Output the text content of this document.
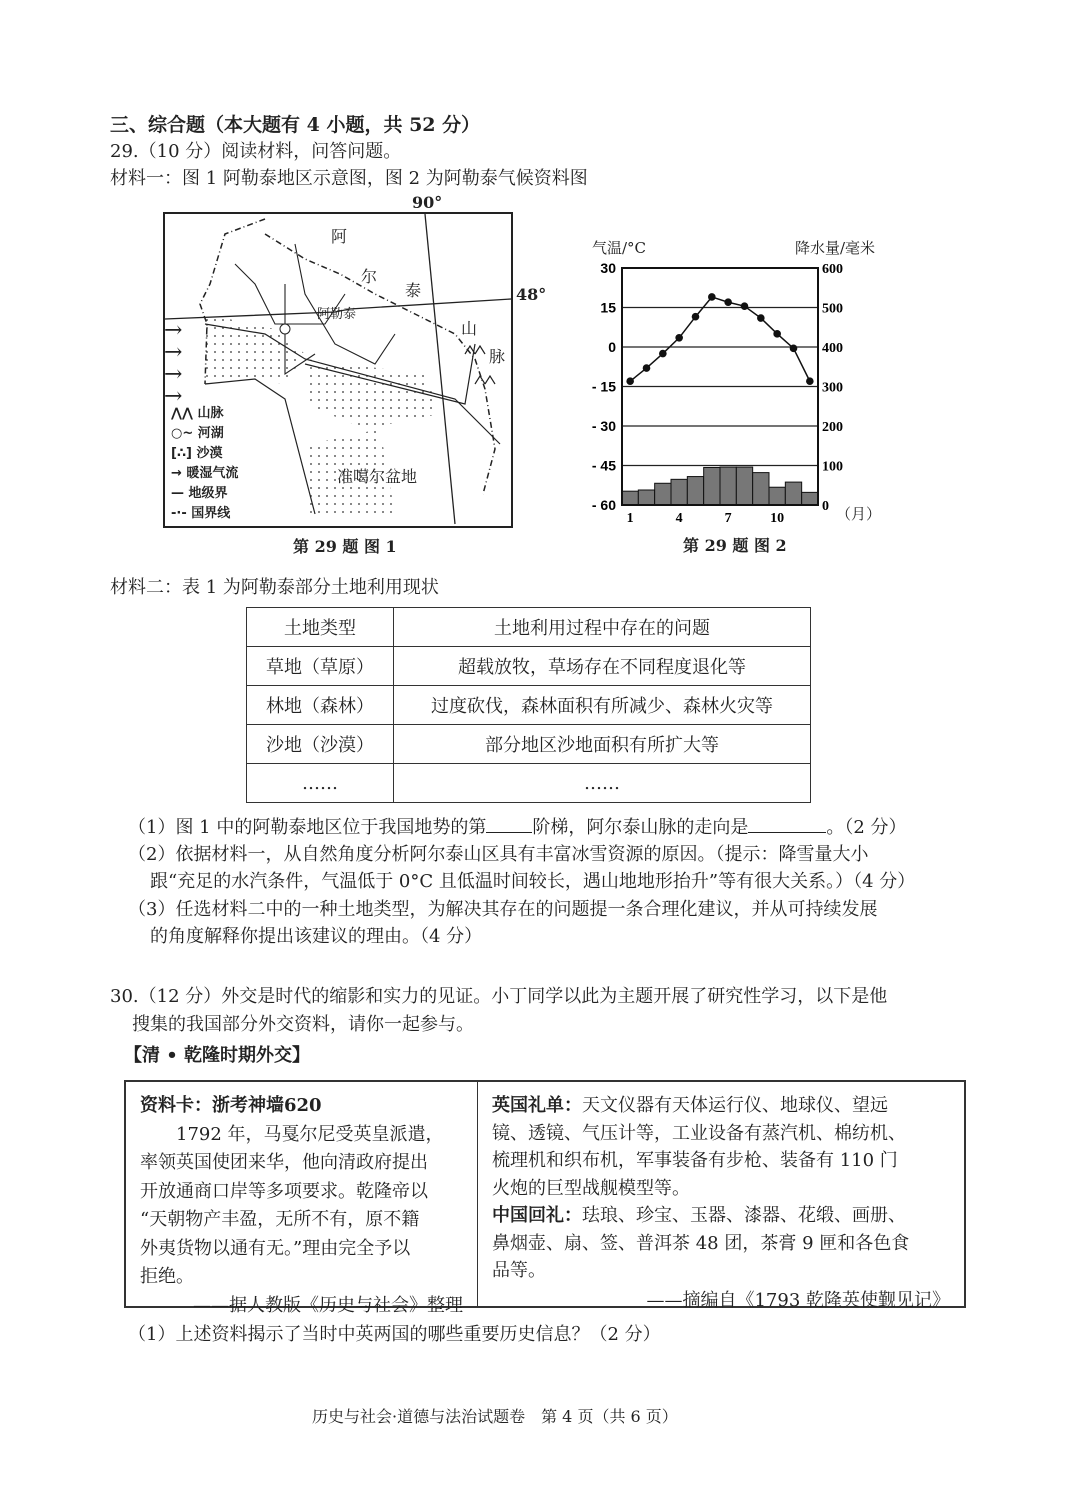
三、综合题（本大题有 4 小题，共 52 分）
29.（10 分）阅读材料，问答问题。
材料一：图 1 阿勒泰地区示意图，图 2 为阿勒泰气候资料图
90°
48°
阿
尔
泰
山
脉
阿勒泰
准噶尔盆地
⋀⋀ 山脉
○~ 河湖
[∴] 沙漠
→ 暖湿气流
— 地级界
-·- 国界线
→
→
→
→
第 29 题 图 1
30	600
15	500
0	400
- 15	300
- 30	200
- 45	100
- 60	0
1	4	7	10
气温/°C	降水量/毫米
（月）
第 29 题 图 2
材料二：表 1 为阿勒泰部分土地利用现状
土地类型	土地利用过程中存在的问题
草地（草原）	超载放牧，草场存在不同程度退化等
林地（森林）	过度砍伐，森林面积有所减少、森林火灾等
沙地（沙漠）	部分地区沙地面积有所扩大等
……	……
（1）图 1 中的阿勒泰地区位于我国地势的第	阶梯，阿尔泰山脉的走向是	。（2 分）
（2）依据材料一，从自然角度分析阿尔泰山区具有丰富冰雪资源的原因。（提示：降雪量大小
跟“充足的水汽条件，气温低于 0°C 且低温时间较长，遇山地地形抬升”等有很大关系。）（4 分）
（3）任选材料二中的一种土地类型，为解决其存在的问题提一条合理化建议，并从可持续发展
的角度解释你提出该建议的理由。（4 分）
30.（12 分）外交是时代的缩影和实力的见证。小丁同学以此为主题开展了研究性学习，以下是他
搜集的我国部分外交资料，请你一起参与。
【清 • 乾隆时期外交】
资料卡：浙考神墙620
1792 年，马戛尔尼受英皇派遣，
率领英国使团来华，他向清政府提出
开放通商口岸等多项要求。乾隆帝以
“天朝物产丰盈，无所不有，原不籍
外夷货物以通有无。”理由完全予以
拒绝。
——据人教版《历史与社会》整理
英国礼单：天文仪器有天体运行仪、地球仪、望远
镜、透镜、气压计等，工业设备有蒸汽机、棉纺机、
梳理机和织布机，军事装备有步枪、装备有 110 门
火炮的巨型战舰模型等。
中国回礼：珐琅、珍宝、玉器、漆器、花缎、画册、
鼻烟壶、扇、签、普洱茶 48 团，茶膏 9 匣和各色食
品等。
——摘编自《1793 乾隆英使觐见记》
（1）上述资料揭示了当时中英两国的哪些重要历史信息？（2 分）
历史与社会·道德与法治试题卷　第 4 页（共 6 页）
